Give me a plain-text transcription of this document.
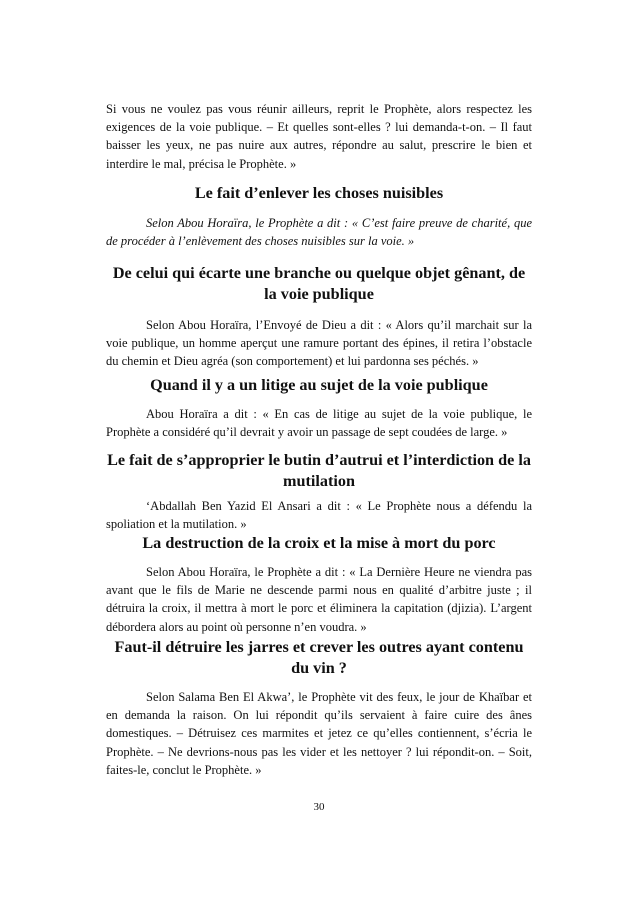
Si vous ne voulez pas vous réunir ailleurs, reprit le Prophète, alors respectez les exigences de la voie publique. – Et quelles sont-elles ? lui demanda-t-on. – Il faut baisser les yeux, ne pas nuire aux autres, répondre au salut, prescrire le bien et interdire le mal, précisa le Prophète. »

Le fait d’enlever les choses nuisibles

Selon Abou Horaïra, le Prophète a dit : « C’est faire preuve de charité, que de procéder à l’enlèvement des choses nuisibles sur la voie. »

De celui qui écarte une branche ou quelque objet gênant, de la voie publique

Selon Abou Horaïra, l’Envoyé de Dieu a dit : « Alors qu’il marchait sur la voie publique, un homme aperçut une ramure portant des épines, il retira l’obstacle du chemin et Dieu agréa (son comportement) et lui pardonna ses péchés. »

Quand il y a un litige au sujet de la voie publique

Abou Horaïra a dit : « En cas de litige au sujet de la voie publique, le Prophète a considéré qu’il devrait y avoir un passage de sept coudées de large. »

Le fait de s’approprier le butin d’autrui et l’interdiction de la mutilation

‘Abdallah Ben Yazid El Ansari a dit : « Le Prophète nous a défendu la spoliation et la mutilation. »

La destruction de la croix et la mise à mort du porc

Selon Abou Horaïra, le Prophète a dit : « La Dernière Heure ne viendra pas avant que le fils de Marie ne descende parmi nous en qualité d’arbitre juste ; il détruira la croix, il mettra à mort le porc et éliminera la capitation (djizia). L’argent débordera alors au point où personne n’en voudra. »

Faut-il détruire les jarres et crever les outres ayant contenu du vin ?

Selon Salama Ben El Akwa’, le Prophète vit des feux, le jour de Khaïbar et en demanda la raison. On lui répondit qu’ils servaient à faire cuire des ânes domestiques. – Détruisez ces marmites et jetez ce qu’elles contiennent, s’écria le Prophète. – Ne devrions-nous pas les vider et les nettoyer ? lui répondit-on. – Soit, faites-le, conclut le Prophète. »

30
